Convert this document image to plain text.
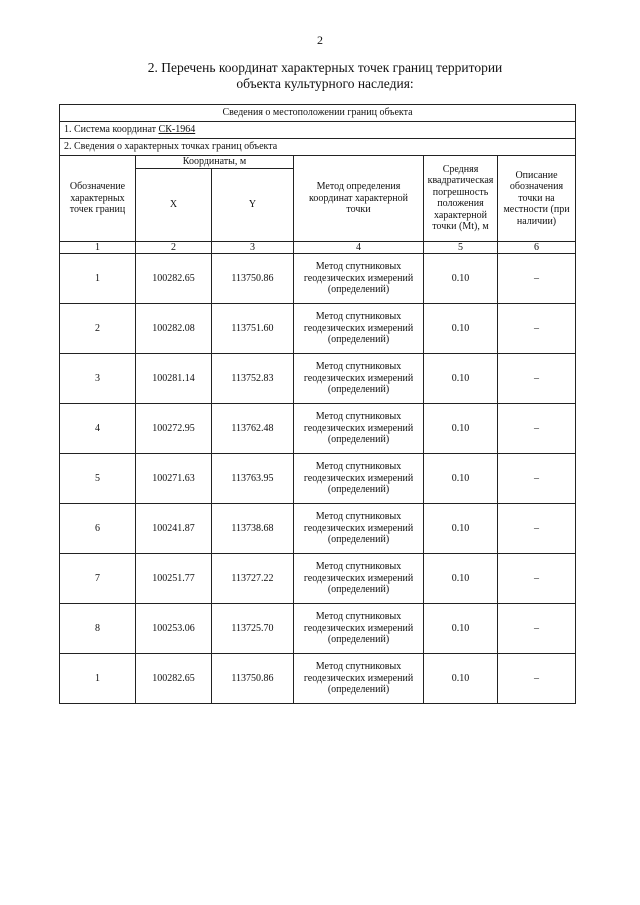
2
2. Перечень координат характерных точек границ территории
объекта культурного наследия:
Сведения о местоположении границ объекта					
1. Система координат СК-1964					
2. Сведения о характерных точках границ объекта					
Обозначение характерных точек границ	Координаты, м		Метод определения координат характерной точки	Средняя квадратическая погрешность положения характерной точки (Mt), м	Описание обозначения точки на местности (при наличии)
	X	Y			
1	2	3	4	5	6
1	100282.65	113750.86	Метод спутниковых геодезических измерений (определений)	0.10	–
2	100282.08	113751.60	Метод спутниковых геодезических измерений (определений)	0.10	–
3	100281.14	113752.83	Метод спутниковых геодезических измерений (определений)	0.10	–
4	100272.95	113762.48	Метод спутниковых геодезических измерений (определений)	0.10	–
5	100271.63	113763.95	Метод спутниковых геодезических измерений (определений)	0.10	–
6	100241.87	113738.68	Метод спутниковых геодезических измерений (определений)	0.10	–
7	100251.77	113727.22	Метод спутниковых геодезических измерений (определений)	0.10	–
8	100253.06	113725.70	Метод спутниковых геодезических измерений (определений)	0.10	–
1	100282.65	113750.86	Метод спутниковых геодезических измерений (определений)	0.10	–
